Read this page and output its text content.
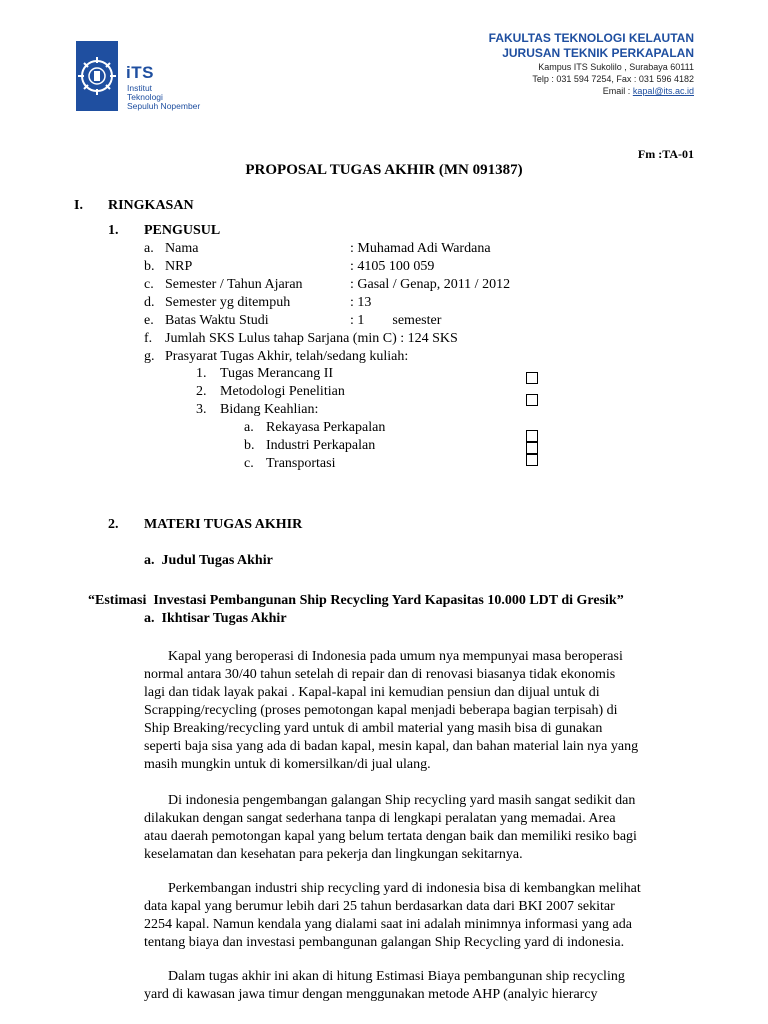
iTS
Institut
Teknologi
Sepuluh Nopember
FAKULTAS TEKNOLOGI KELAUTAN
JURUSAN TEKNIK PERKAPALAN
Kampus ITS Sukolilo , Surabaya 60111
Telp : 031 594 7254, Fax : 031 596 4182
Email : kapal@its.ac.id
Fm :TA-01
PROPOSAL TUGAS AKHIR (MN 091387)
I. RINGKASAN
1. PENGUSUL
a. Nama	: Muhamad Adi Wardana
b. NRP	: 4105 100 059
c. Semester / Tahun Ajaran	: Gasal / Genap, 2011 / 2012
d. Semester yg ditempuh	: 13
e. Batas Waktu Studi	: 1        semester
f. Jumlah SKS Lulus tahap Sarjana (min C) : 124 SKS
g. Prasyarat Tugas Akhir, telah/sedang kuliah:
1. Tugas Merancang II
2. Metodologi Penelitian
3. Bidang Keahlian:
a. Rekayasa Perkapalan
b. Industri Perkapalan
c. Transportasi
2. MATERI TUGAS AKHIR
a.  Judul Tugas Akhir
“Estimasi  Investasi Pembangunan Ship Recycling Yard Kapasitas 10.000 LDT di Gresik”
a.  Ikhtisar Tugas Akhir

Kapal yang beroperasi di Indonesia pada umum nya mempunyai masa beroperasi

normal antara 30/40 tahun setelah di repair dan di renovasi biasanya tidak ekonomis

lagi dan tidak layak pakai . Kapal-kapal ini kemudian pensiun dan dijual untuk di

Scrapping/recycling (proses pemotongan kapal menjadi beberapa bagian terpisah) di

Ship Breaking/recycling yard untuk di ambil material yang masih bisa di gunakan

seperti baja sisa yang ada di badan kapal, mesin kapal, dan bahan material lain nya yang

masih mungkin untuk di komersilkan/di jual ulang.

Di indonesia pengembangan galangan Ship recycling yard masih sangat sedikit dan

dilakukan dengan sangat sederhana tanpa di lengkapi peralatan yang memadai. Area

atau daerah pemotongan kapal yang belum tertata dengan baik dan memiliki resiko bagi

keselamatan dan kesehatan para pekerja dan lingkungan sekitarnya.

Perkembangan industri ship recycling yard di indonesia bisa di kembangkan melihat

data kapal yang berumur lebih dari 25 tahun berdasarkan data dari BKI 2007 sekitar

2254 kapal. Namun kendala yang dialami saat ini adalah minimnya informasi yang ada

tentang biaya dan investasi pembangunan galangan Ship Recycling yard di indonesia.

Dalam tugas akhir ini akan di hitung Estimasi Biaya pembangunan ship recycling

yard di kawasan jawa timur dengan menggunakan metode AHP (analyic hierarcy
